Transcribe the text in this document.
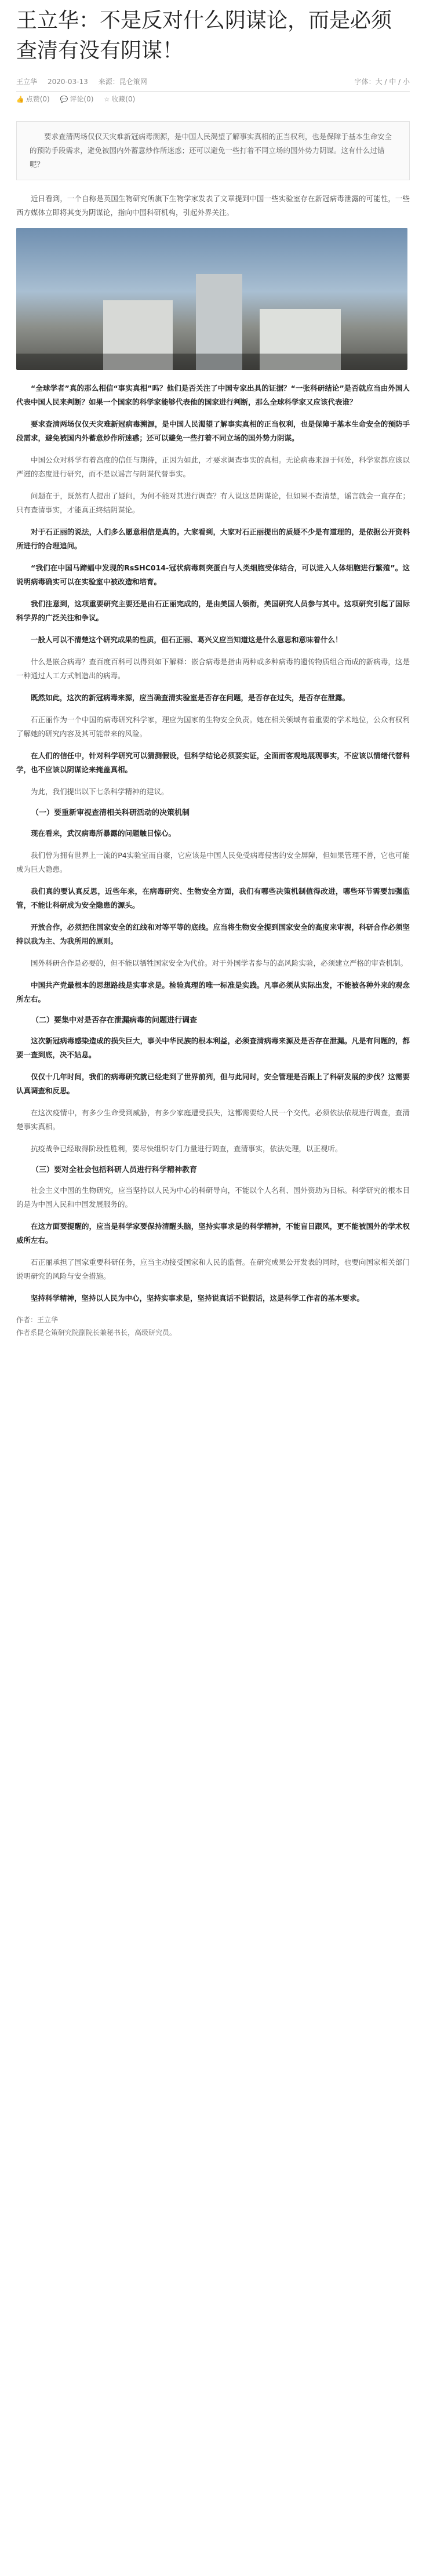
王立华：不是反对什么阴谋论，而是必须查清有没有阴谋！
王立华 2020-03-13 来源：昆仑策网	字体：大 / 中 / 小
👍 点赞(0) 💬 评论(0) ☆ 收藏(0)
要求查清两场仅仅天灾难新冠病毒溯源，是中国人民渴望了解事实真相的正当权利，也是保障于基本生命安全的预防手段需求，避免被国内外蓄意炒作所迷惑；还可以避免一些打着不同立场的国外势力阴谋。这有什么过错呢？

近日看到，一个自称是英国生物研究所旗下生物学家发表了文章提到中国一些实验室存在新冠病毒泄露的可能性，一些西方媒体立即将其变为阴谋论，指向中国科研机构，引起外界关注。

“全球学者”真的那么相信“事实真相”吗？他们是否关注了中国专家出具的证据？“一张科研结论”是否就应当由外国人代表中国人民来判断？如果一个国家的科学家能够代表他的国家进行判断，那么全球科学家又应该代表谁？

要求查清两场仅仅天灾难新冠病毒溯源，是中国人民渴望了解事实真相的正当权利，也是保障于基本生命安全的预防手段需求，避免被国内外蓄意炒作所迷惑；还可以避免一些打着不同立场的国外势力阴谋。

中国公众对科学有着高度的信任与期待，正因为如此，才要求调查事实的真相。无论病毒来源于何处，科学家都应该以严谨的态度进行研究，而不是以谣言与阴谋代替事实。

问题在于，既然有人提出了疑问，为何不能对其进行调查？有人说这是阴谋论，但如果不查清楚，谣言就会一直存在；只有查清事实，才能真正终结阴谋论。

对于石正丽的说法，人们多么愿意相信是真的。大家看到，大家对石正丽提出的质疑不少是有道理的，是依据公开资料所进行的合理追问。

“我们在中国马蹄蝠中发现的RsSHC014-冠状病毒刺突蛋白与人类细胞受体结合，可以进入人体细胞进行繁殖”。这说明病毒确实可以在实验室中被改造和培育。

我们注意到，这项重要研究主要还是由石正丽完成的，是由美国人领衔，美国研究人员参与其中。这项研究引起了国际科学界的广泛关注和争议。

一般人可以不清楚这个研究成果的性质，但石正丽、葛兴义应当知道这是什么意思和意味着什么！

什么是嵌合病毒？查百度百科可以得到如下解释：嵌合病毒是指由两种或多种病毒的遗传物质组合而成的新病毒，这是一种通过人工方式制造出的病毒。

既然如此，这次的新冠病毒来源，应当确查清实验室是否存在问题，是否存在过失，是否存在泄露。

石正丽作为一个中国的病毒研究科学家，理应为国家的生物安全负责。她在相关领域有着重要的学术地位，公众有权利了解她的研究内容及其可能带来的风险。

在人们的信任中，针对科学研究可以猜测假设，但科学结论必须要实证，全面而客观地展现事实，不应该以情绪代替科学，也不应该以阴谋论来掩盖真相。

为此，我们提出以下七条科学精神的建议。

（一）要重新审视查清相关科研活动的决策机制

现在看来，武汉病毒所暴露的问题触目惊心。

我们曾为拥有世界上一流的P4实验室而自豪，它应该是中国人民免受病毒侵害的安全屏障，但如果管理不善，它也可能成为巨大隐患。

我们真的要认真反思，近些年来，在病毒研究、生物安全方面，我们有哪些决策机制值得改进，哪些环节需要加强监管，不能让科研成为安全隐患的源头。

开放合作，必须把住国家安全的红线和对等平等的底线。应当将生物安全提到国家安全的高度来审视，科研合作必须坚持以我为主、为我所用的原则。

国外科研合作是必要的，但不能以牺牲国家安全为代价。对于外国学者参与的高风险实验，必须建立严格的审查机制。

中国共产党最根本的思想路线是实事求是。检验真理的唯一标准是实践。凡事必须从实际出发，不能被各种外来的观念所左右。

（二）要集中对是否存在泄漏病毒的问题进行调查

这次新冠病毒感染造成的损失巨大，事关中华民族的根本利益，必须查清病毒来源及是否存在泄漏。凡是有问题的，都要一查到底，决不姑息。

仅仅十几年时间，我们的病毒研究就已经走到了世界前列，但与此同时，安全管理是否跟上了科研发展的步伐？这需要认真调查和反思。

在这次疫情中，有多少生命受到威胁，有多少家庭遭受损失，这都需要给人民一个交代。必须依法依规进行调查，查清楚事实真相。

抗疫战争已经取得阶段性胜利，要尽快组织专门力量进行调查，查清事实，依法处理，以正视听。

（三）要对全社会包括科研人员进行科学精神教育

社会主义中国的生物研究，应当坚持以人民为中心的科研导向，不能以个人名利、国外资助为目标。科学研究的根本目的是为中国人民和中国发展服务的。

在这方面要提醒的，应当是科学家要保持清醒头脑，坚持实事求是的科学精神，不能盲目跟风，更不能被国外的学术权威所左右。

石正丽承担了国家重要科研任务，应当主动接受国家和人民的监督。在研究成果公开发表的同时，也要向国家相关部门说明研究的风险与安全措施。

坚持科学精神，坚持以人民为中心，坚持实事求是，坚持说真话不说假话，这是科学工作者的基本要求。

作者：王立华
作者系昆仑策研究院副院长兼秘书长，高级研究员。
